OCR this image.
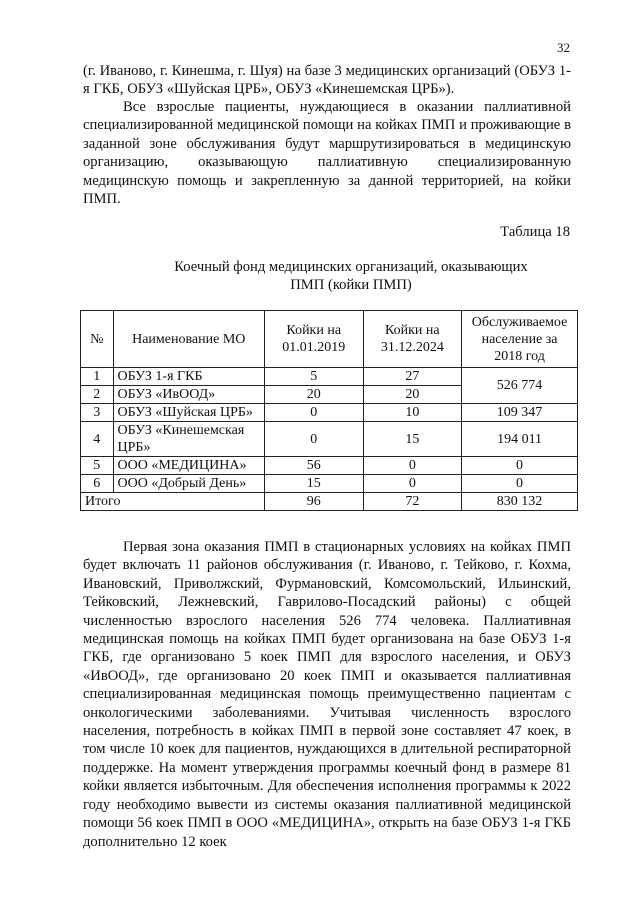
32

(г. Иваново, г. Кинешма, г. Шуя) на базе 3 медицинских организаций (ОБУЗ 1-я ГКБ, ОБУЗ «Шуйская ЦРБ», ОБУЗ «Кинешемская ЦРБ»).

Все взрослые пациенты, нуждающиеся в оказании паллиативной специализированной медицинской помощи на койках ПМП и проживающие в заданной зоне обслуживания будут маршрутизироваться в медицинскую организацию, оказывающую паллиативную специализированную медицинскую помощь и закрепленную за данной территорией, на койки ПМП.

Таблица 18
Коечный фонд медицинских организаций, оказывающих
ПМП (койки ПМП)
№	Наименование МО	Койки на 01.01.2019	Койки на 31.12.2024	Обслуживаемое население за 2018 год
1	ОБУЗ 1-я ГКБ	5	27	526 774
2	ОБУЗ «ИвООД»	20	20	
3	ОБУЗ «Шуйская ЦРБ»	0	10	109 347
4	ОБУЗ «Кинешемская ЦРБ»	0	15	194 011
5	ООО «МЕДИЦИНА»	56	0	0
6	ООО «Добрый День»	15	0	0
Итого		96	72	830 132

Первая зона оказания ПМП в стационарных условиях на койках ПМП будет включать 11 районов обслуживания (г. Иваново, г. Тейково, г. Кохма, Ивановский, Приволжский, Фурмановский, Комсомольский, Ильинский, Тейковский, Лежневский, Гаврилово-Посадский районы) с общей численностью взрослого населения 526 774 человека. Паллиативная медицинская помощь на койках ПМП будет организована на базе ОБУЗ 1-я ГКБ, где организовано 5 коек ПМП для взрослого населения, и ОБУЗ «ИвООД», где организовано 20 коек ПМП и оказывается паллиативная специализированная медицинская помощь преимущественно пациентам с онкологическими заболеваниями. Учитывая численность взрослого населения, потребность в койках ПМП в первой зоне составляет 47 коек, в том числе 10 коек для пациентов, нуждающихся в длительной респираторной поддержке. На момент утверждения программы коечный фонд в размере 81 койки является избыточным. Для обеспечения исполнения программы к 2022 году необходимо вывести из системы оказания паллиативной медицинской помощи 56 коек ПМП в ООО «МЕДИЦИНА», открыть на базе ОБУЗ 1-я ГКБ дополнительно 12 коек
